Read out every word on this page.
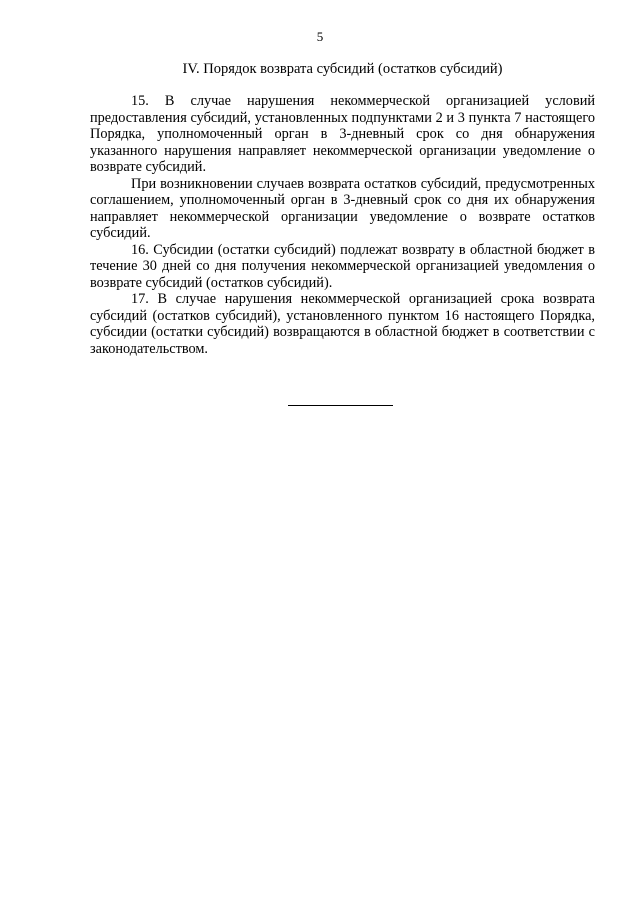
5
IV. Порядок возврата субсидий (остатков субсидий)

15. В случае нарушения некоммерческой организацией условий предоставления субсидий, установленных подпунктами 2 и 3 пункта 7 настоящего Порядка, уполномоченный орган в 3-дневный срок со дня обнаружения указанного нарушения направляет некоммерческой организации уведомление о возврате субсидий.

При возникновении случаев возврата остатков субсидий, предусмотренных соглашением, уполномоченный орган в 3-дневный срок со дня их обнаружения направляет некоммерческой организации уведомление о возврате остатков субсидий.

16. Субсидии (остатки субсидий) подлежат возврату в областной бюджет в течение 30 дней со дня получения некоммерческой организацией уведомления о возврате субсидий (остатков субсидий).

17. В случае нарушения некоммерческой организацией срока возврата субсидий (остатков субсидий), установленного пунктом 16 настоящего Порядка, субсидии (остатки субсидий) возвращаются в областной бюджет в соответствии с законодательством.
